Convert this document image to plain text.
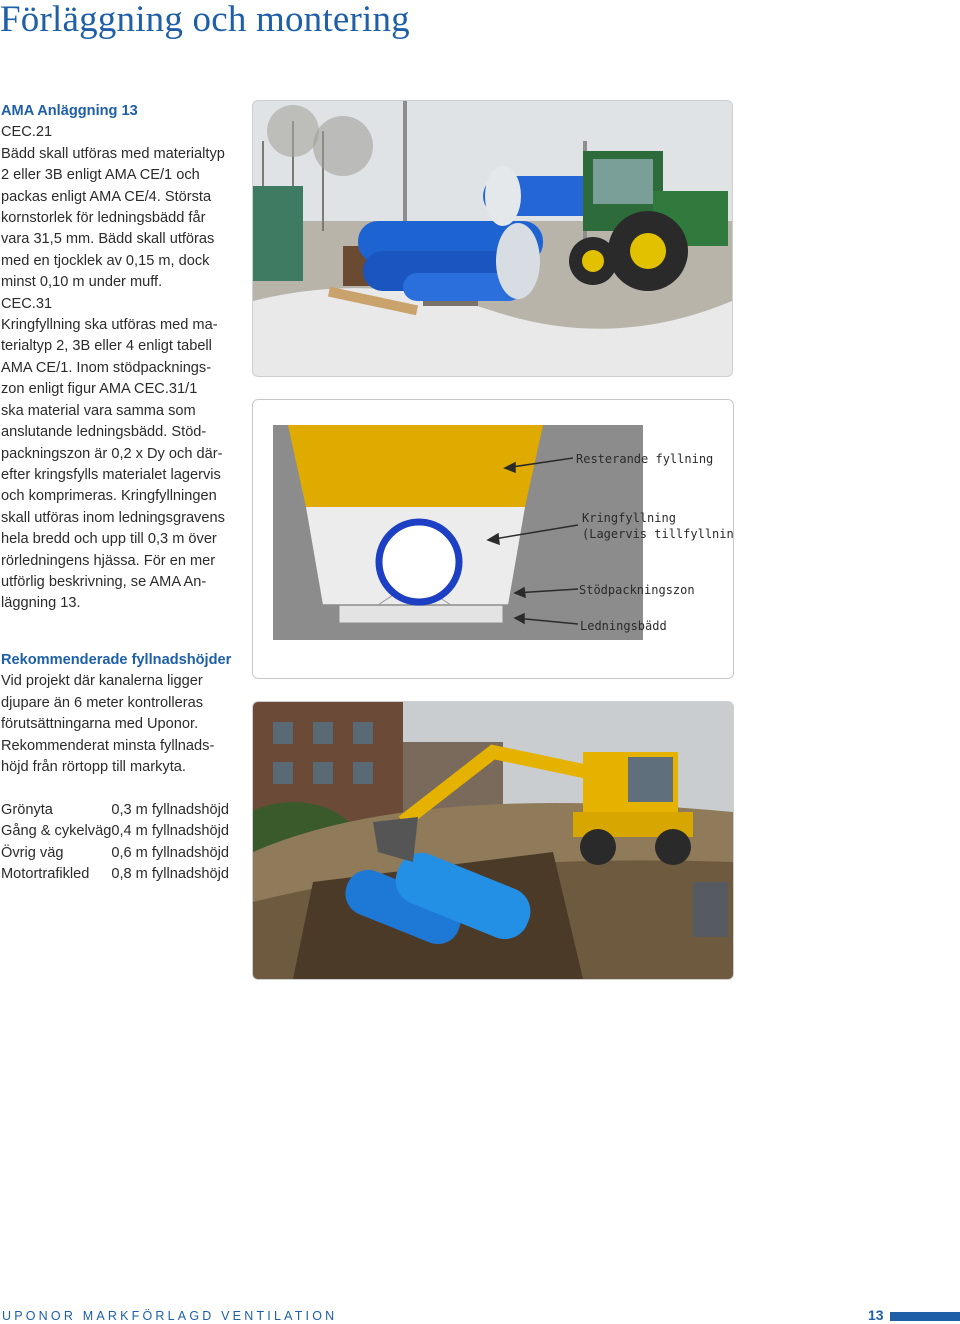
Förläggning och montering

AMA Anläggning 13

CEC.21

Bädd skall utföras med materialtyp 2 eller 3B enligt AMA CE/1 och packas enligt AMA CE/4. Största kornstorlek för ledningsbädd får vara 31,5 mm. Bädd skall utföras med en tjocklek av 0,15 m, dock minst 0,10 m under muff.

CEC.31

Kringfyllning ska utföras med ma-
terialtyp 2, 3B eller 4 enligt tabell
AMA CE/1. Inom stödpacknings-
zon enligt figur AMA CEC.31/1
ska material vara samma som
anslutande ledningsbädd. Stöd-
packningszon är 0,2 x Dy och där-
efter kringsfylls materialet lagervis
och komprimeras. Kringfyllningen
skall utföras inom ledningsgravens
hela bredd och upp till 0,3 m över
rörledningens hjässa. För en mer
utförlig beskrivning, se AMA An-
läggning 13.

Rekommenderade fyllnadshöjder

Vid projekt där kanalerna ligger
djupare än 6 meter kontrolleras
förutsättningarna med Uponor.
Rekommenderat minsta fyllnads-
höjd från rörtopp till markyta.

Grönyta	0,3 m fyllnadshöjd
Gång & cykelväg	0,4 m fyllnadshöjd
Övrig väg	0,6 m fyllnadshöjd
Motortrafikled	0,8 m fyllnadshöjd
Resterande fyllning
Kringfyllning
(Lagervis tillfyllning)
Stödpackningszon
Ledningsbädd
UPONOR MARKFÖRLAGD VENTILATION	13
